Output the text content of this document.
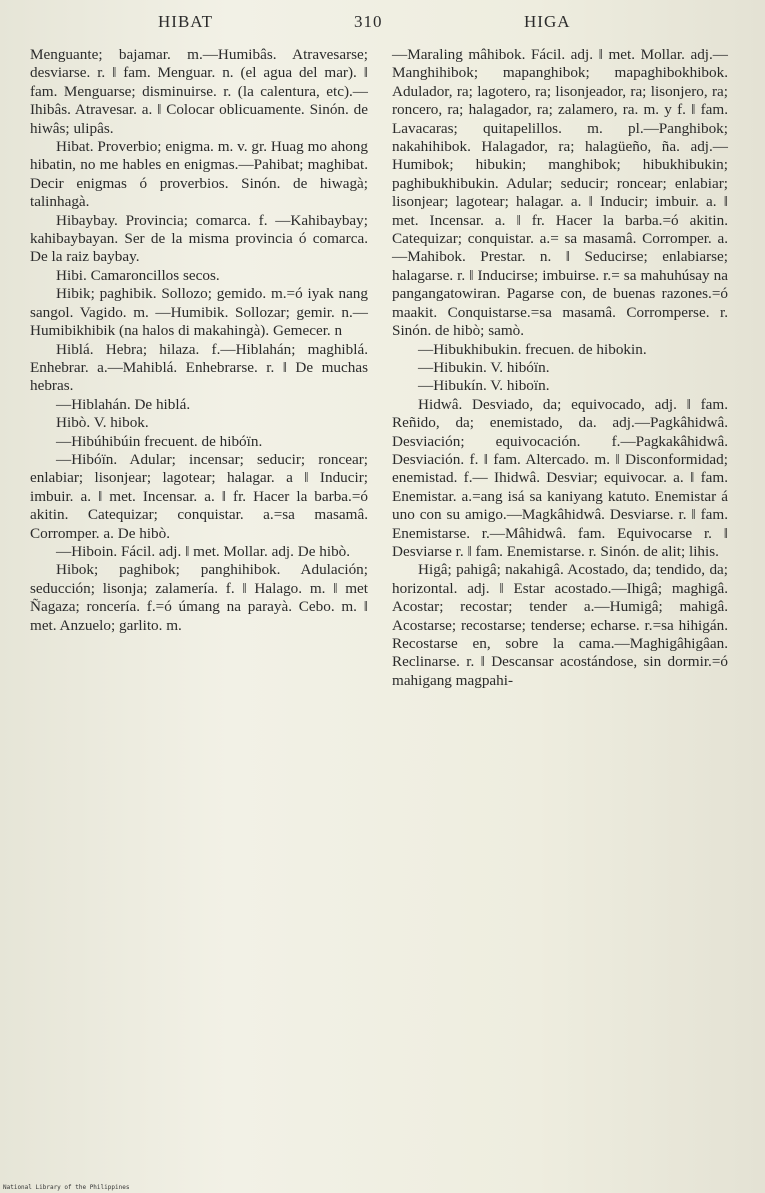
HIBAT	310	HIGA

Menguante; bajamar. m.—Humibâs. Atravesarse; desviarse. r. ‖ fam. Menguar. n. (el agua del mar). ‖ fam. Menguarse; disminuirse. r. (la calentura, etc).—Ihibâs. Atravesar. a. ‖ Colocar oblicuamente. Sinón. de hiwâs; ulipâs.

Hibat. Proverbio; enigma. m. v. gr. Huag mo ahong hibatin, no me hables en enigmas.—Pahibat; maghibat. Decir enigmas ó proverbios. Sinón. de hiwagà; talinhagà.

Hibaybay. Provincia; comarca. f. —Kahibaybay; kahibaybayan. Ser de la misma provincia ó comarca. De la raiz baybay.

Hibi. Camaroncillos secos.

Hibik; paghibik. Sollozo; gemido. m.=ó iyak nang sangol. Vagido. m. —Humibik. Sollozar; gemir. n.— Humibikhibik (na halos di makahingà). Gemecer. n

Hiblá. Hebra; hilaza. f.—Hiblahán; maghiblá. Enhebrar. a.—Mahiblá. Enhebrarse. r. ‖ De muchas hebras.

—Hiblahán. De hiblá.

Hibò. V. hibok.

—Hibúhibúin frecuent. de hibóïn.

—Hibóïn. Adular; incensar; seducir; roncear; enlabiar; lisonjear; lagotear; halagar. a ‖ Inducir; imbuir. a. ‖ met. Incensar. a. ‖ fr. Hacer la barba.=ó akitin. Catequizar; conquistar. a.=sa masamâ. Corromper. a. De hibò.

—Hiboin. Fácil. adj. ‖ met. Mollar. adj. De hibò.

Hibok; paghibok; panghihibok. Adulación; seducción; lisonja; zalamería. f. ‖ Halago. m. ‖ met Ñagaza; roncería. f.=ó úmang na parayà. Cebo. m. ‖ met. Anzuelo; garlito. m.

—Maraling mâhibok. Fácil. adj. ‖ met. Mollar. adj.—Manghihibok; mapanghibok; mapaghibokhibok. Adulador, ra; lagotero, ra; lisonjeador, ra; lisonjero, ra; roncero, ra; halagador, ra; zalamero, ra. m. y f. ‖ fam. Lavacaras; quitapelillos. m. pl.—Panghibok; nakahihibok. Halagador, ra; halagüeño, ña. adj.—Humibok; hibukin; manghibok; hibukhibukin; paghibukhibukin. Adular; seducir; roncear; enlabiar; lisonjear; lagotear; halagar. a. ‖ Inducir; imbuir. a. ‖ met. Incensar. a. ‖ fr. Hacer la barba.=ó akitin. Catequizar; conquistar. a.= sa masamâ. Corromper. a.—Mahibok. Prestar. n. ‖ Seducirse; enlabiarse; halagarse. r. ‖ Inducirse; imbuirse. r.= sa mahuhúsay na pangangatowiran. Pagarse con, de buenas razones.=ó maakit. Conquistarse.=sa masamâ. Corromperse. r. Sinón. de hibò; samò.

—Hibukhibukin. frecuen. de hibokin.

—Hibukin. V. hibóïn.

—Hibukín. V. hiboïn.

Hidwâ. Desviado, da; equivocado, adj. ‖ fam. Reñido, da; enemistado, da. adj.—Pagkâhidwâ. Desviación; equivocación. f.—Pagkakâhidwâ. Desviación. f. ‖ fam. Altercado. m. ‖ Disconformidad; enemistad. f.— Ihidwâ. Desviar; equivocar. a. ‖ fam. Enemistar. a.=ang isá sa kaniyang katuto. Enemistar á uno con su amigo.—Magkâhidwâ. Desviarse. r. ‖ fam. Enemistarse. r.—Mâhidwâ. fam. Equivocarse r. ‖ Desviarse r. ‖ fam. Enemistarse. r. Sinón. de alit; lihis.

Higâ; pahigâ; nakahigâ. Acostado, da; tendido, da; horizontal. adj. ‖ Estar acostado.—Ihigâ; maghigâ. Acostar; recostar; tender a.—Humigâ; mahigâ. Acostarse; recostarse; tenderse; echarse. r.=sa hihigán. Recostarse en, sobre la cama.—Maghigâhigâan. Reclinarse. r. ‖ Descansar acostándose, sin dormir.=ó mahigang magpahi-

National Library of the Philippines
